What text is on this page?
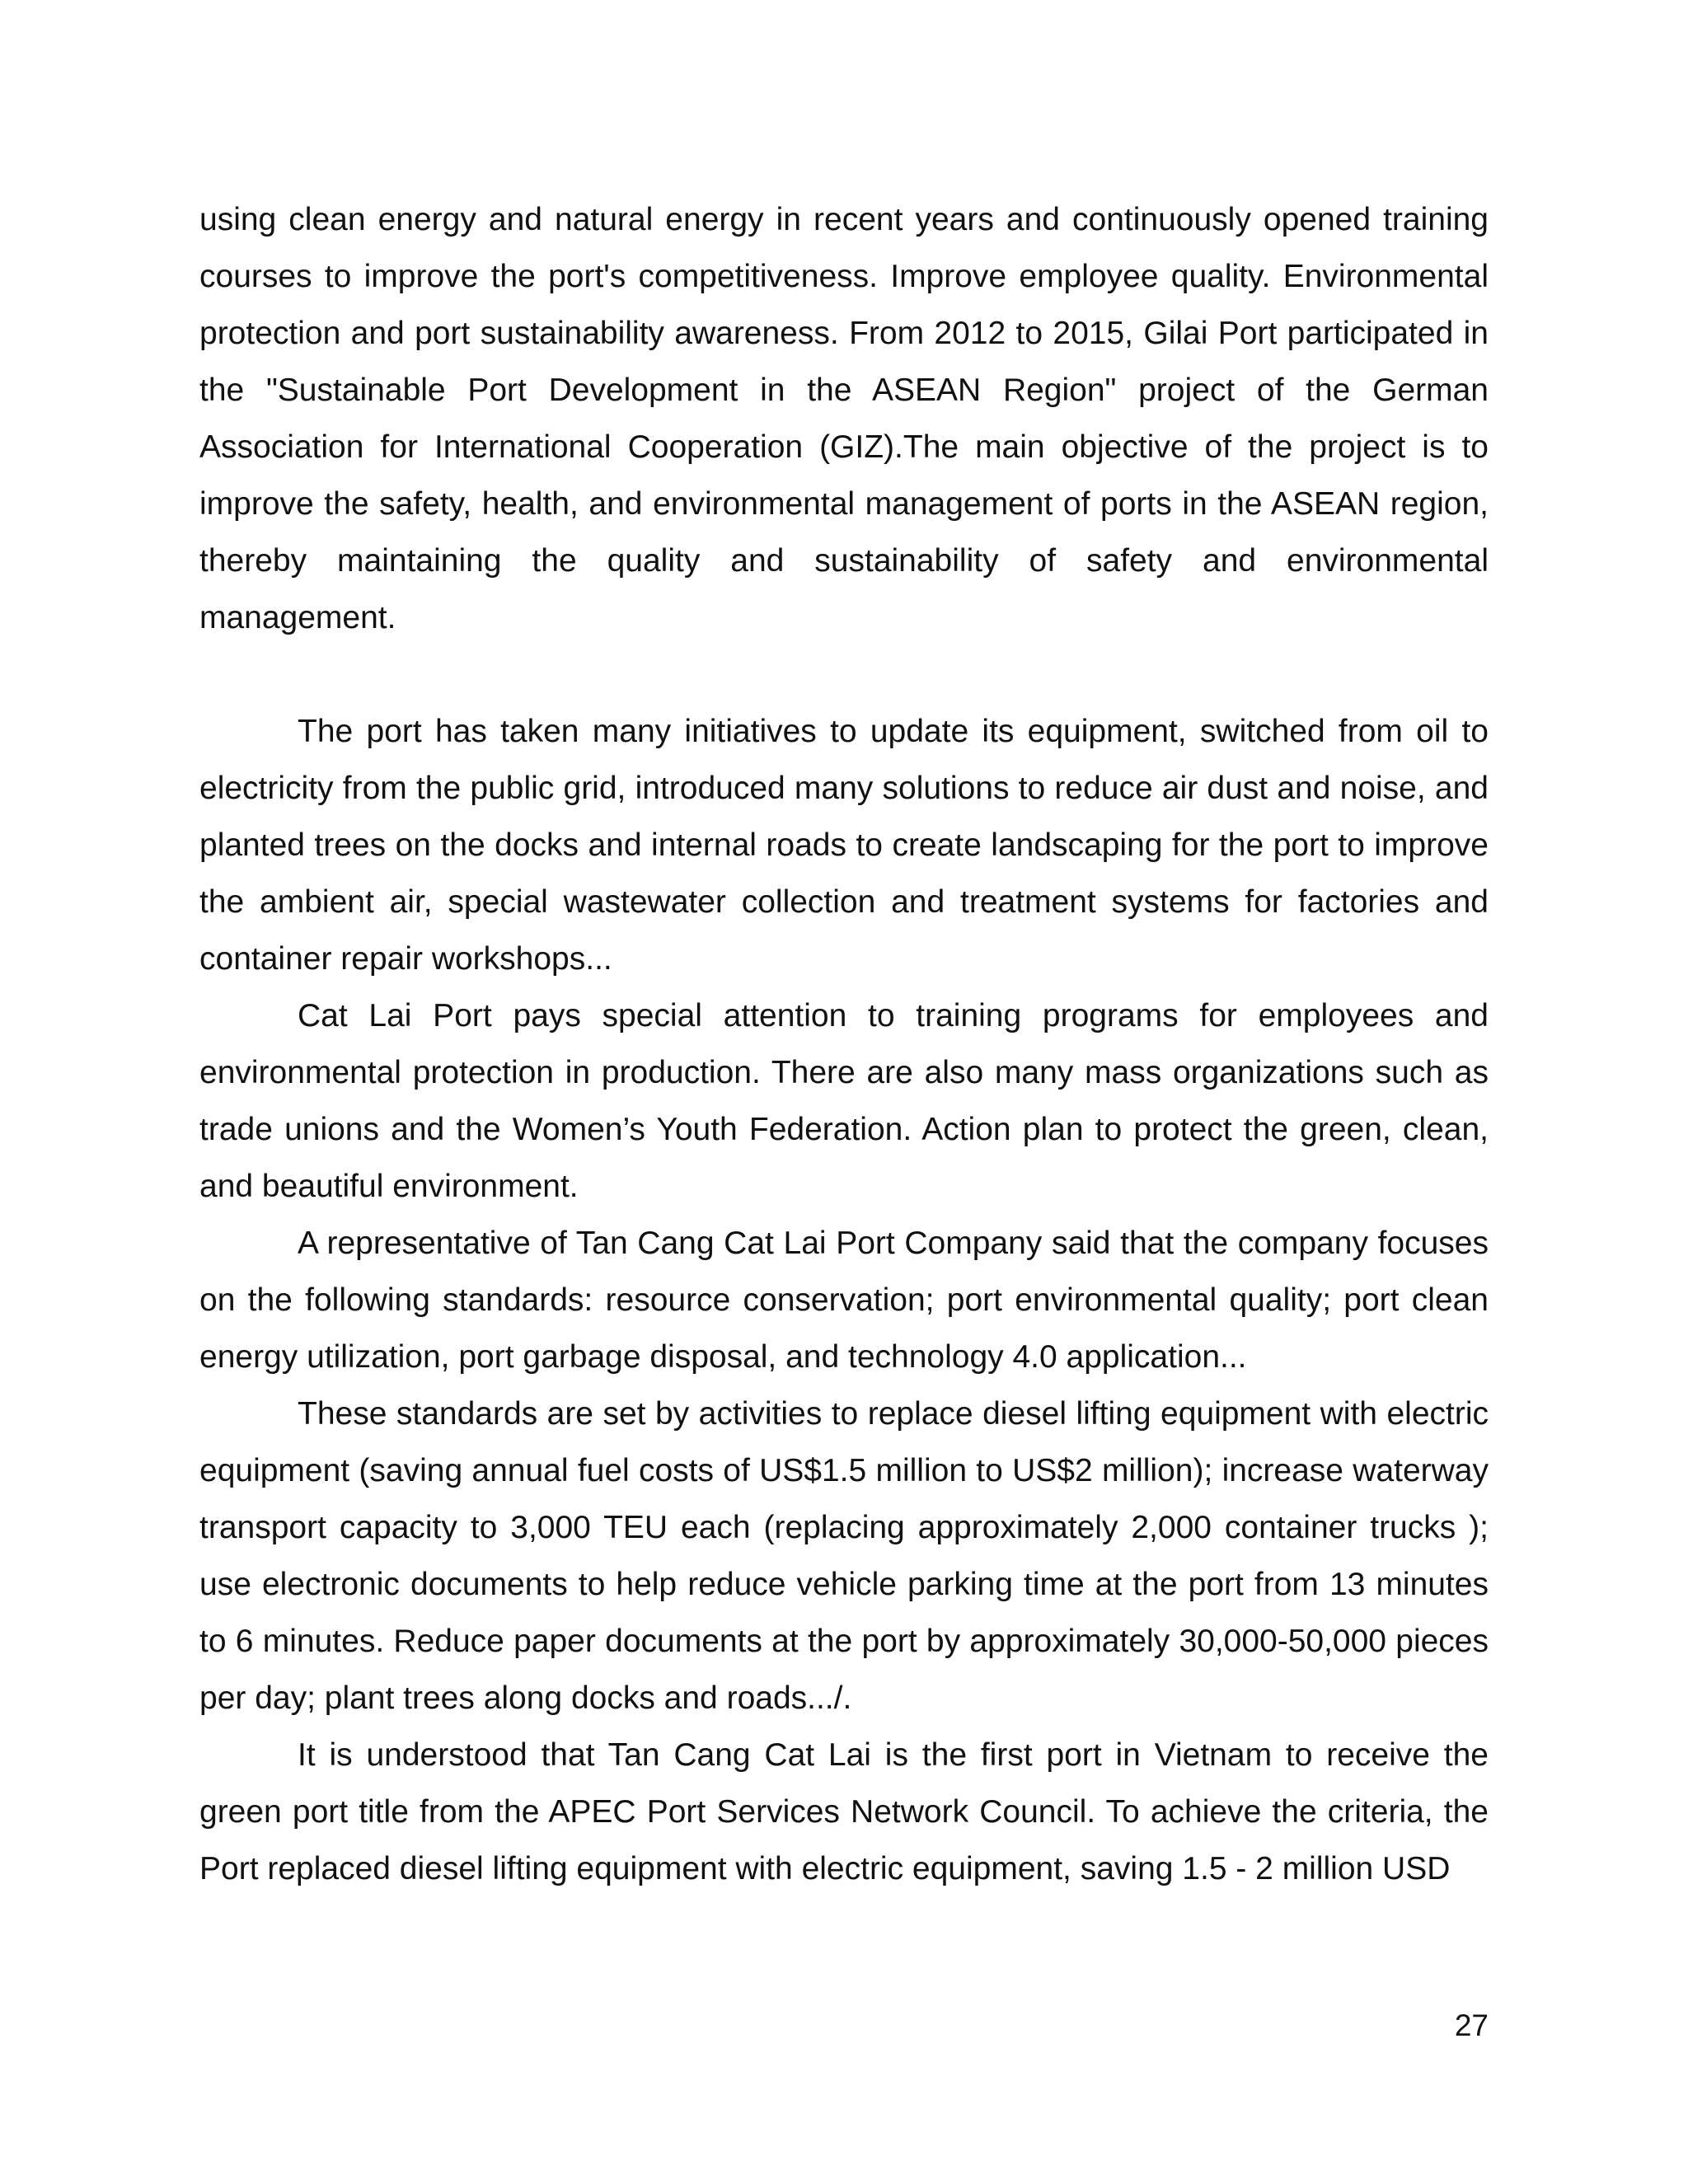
using clean energy and natural energy in recent years and continuously opened training courses to improve the port's competitiveness. Improve employee quality. Environmental protection and port sustainability awareness. From 2012 to 2015, Gilai Port participated in the "Sustainable Port Development in the ASEAN Region" project of the German Association for International Cooperation (GIZ).The main objective of the project is to improve the safety, health, and environmental management of ports in the ASEAN region, thereby maintaining the quality and sustainability of safety and environmental management.

The port has taken many initiatives to update its equipment, switched from oil to electricity from the public grid, introduced many solutions to reduce air dust and noise, and planted trees on the docks and internal roads to create landscaping for the port to improve the ambient air, special wastewater collection and treatment systems for factories and container repair workshops...

Cat Lai Port pays special attention to training programs for employees and environmental protection in production. There are also many mass organizations such as trade unions and the Women’s Youth Federation. Action plan to protect the green, clean, and beautiful environment.

A representative of Tan Cang Cat Lai Port Company said that the company focuses on the following standards: resource conservation; port environmental quality; port clean energy utilization, port garbage disposal, and technology 4.0 application...

These standards are set by activities to replace diesel lifting equipment with electric equipment (saving annual fuel costs of US$1.5 million to US$2 million); increase waterway transport capacity to 3,000 TEU each (replacing approximately 2,000 container trucks ); use electronic documents to help reduce vehicle parking time at the port from 13 minutes to 6 minutes. Reduce paper documents at the port by approximately 30,000-50,000 pieces per day; plant trees along docks and roads.../.

It is understood that Tan Cang Cat Lai is the first port in Vietnam to receive the green port title from the APEC Port Services Network Council. To achieve the criteria, the Port replaced diesel lifting equipment with electric equipment, saving 1.5 - 2 million USD

27
